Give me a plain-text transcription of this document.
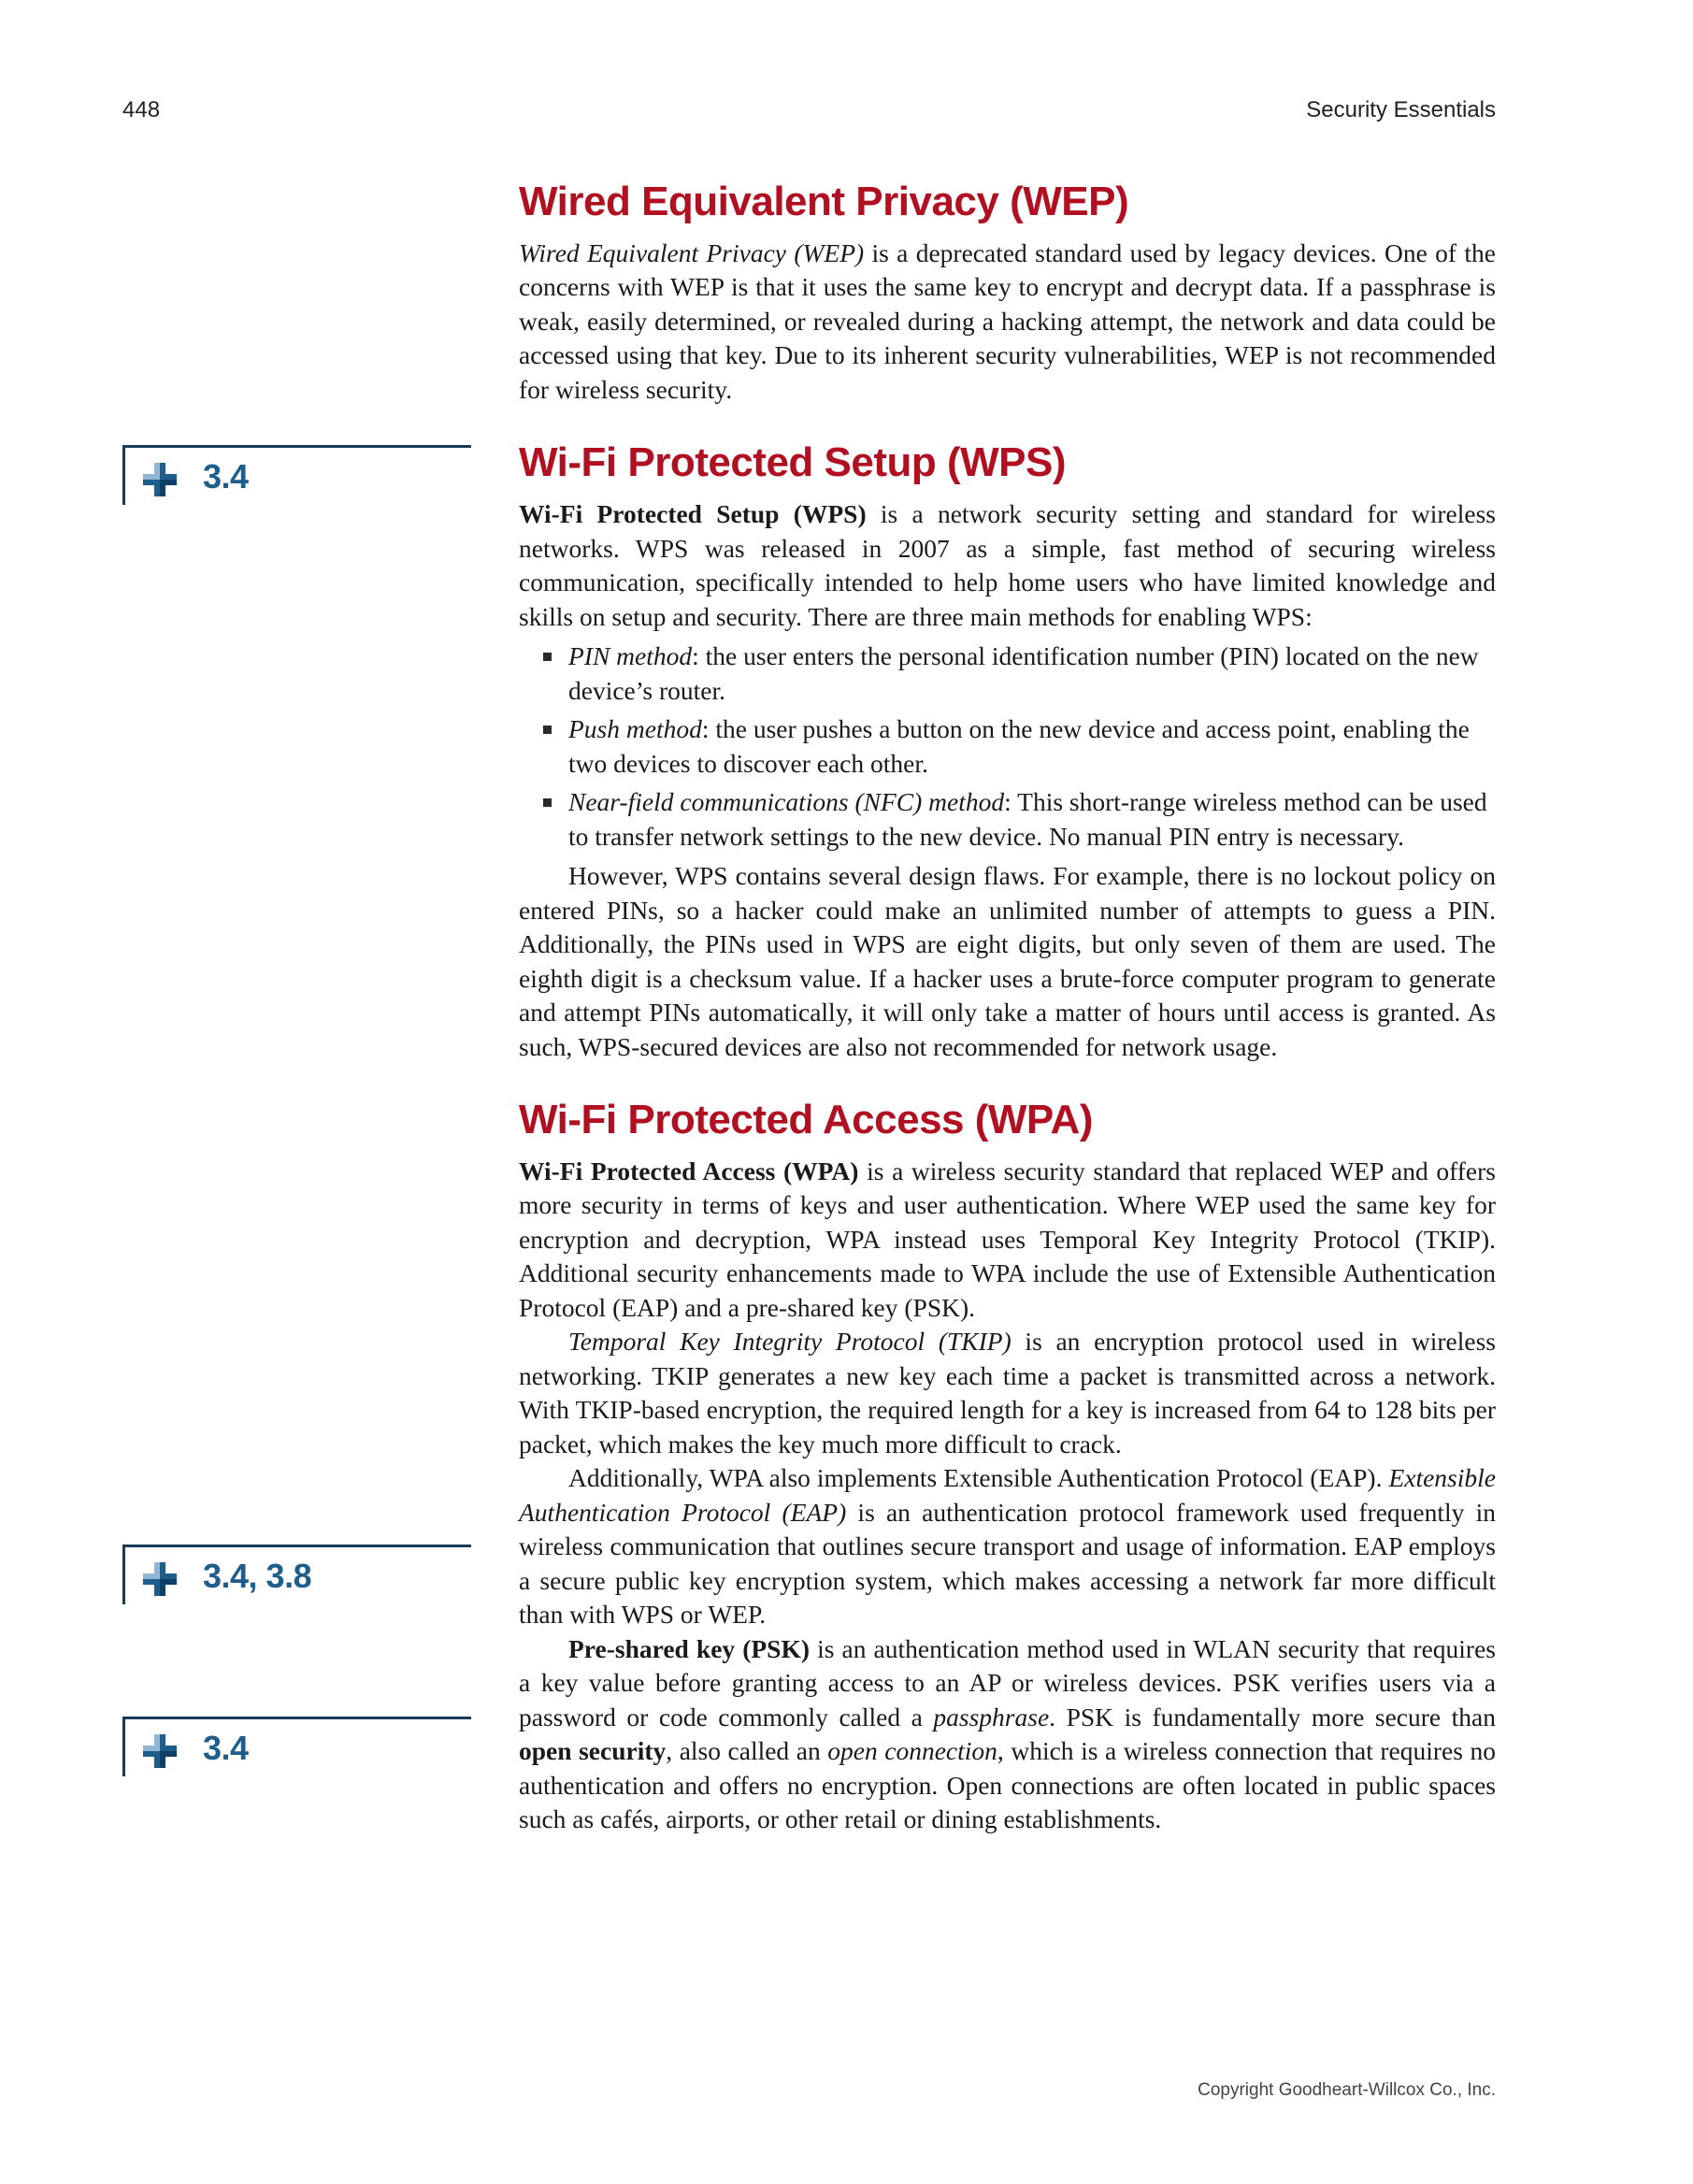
448	Security Essentials
3.4
3.4, 3.8
3.4
Wired Equivalent Privacy (WEP)

Wired Equivalent Privacy (WEP) is a deprecated standard used by legacy devices. One of the concerns with WEP is that it uses the same key to encrypt and decrypt data. If a passphrase is weak, easily determined, or revealed during a hacking attempt, the network and data could be accessed using that key. Due to its inherent security vulnerabilities, WEP is not recommended for wireless security.

Wi-Fi Protected Setup (WPS)

Wi-Fi Protected Setup (WPS) is a network security setting and standard for wireless networks. WPS was released in 2007 as a simple, fast method of securing wireless communication, specifically intended to help home users who have limited knowledge and skills on setup and security. There are three main methods for enabling WPS:

PIN method: the user enters the personal identification number (PIN) located on the new device’s router.
Push method: the user pushes a button on the new device and access point, enabling the two devices to discover each other.
Near-field communications (NFC) method: This short-range wireless method can be used to transfer network settings to the new device. No manual PIN entry is necessary.

However, WPS contains several design flaws. For example, there is no lockout policy on entered PINs, so a hacker could make an unlimited number of attempts to guess a PIN. Additionally, the PINs used in WPS are eight digits, but only seven of them are used. The eighth digit is a checksum value. If a hacker uses a brute-force computer program to generate and attempt PINs automatically, it will only take a matter of hours until access is granted. As such, WPS-secured devices are also not recommended for network usage.

Wi-Fi Protected Access (WPA)

Wi-Fi Protected Access (WPA) is a wireless security standard that replaced WEP and offers more security in terms of keys and user authentication. Where WEP used the same key for encryption and decryption, WPA instead uses Temporal Key Integrity Protocol (TKIP). Additional security enhancements made to WPA include the use of Extensible Authentication Protocol (EAP) and a pre-shared key (PSK).

Temporal Key Integrity Protocol (TKIP) is an encryption protocol used in wireless networking. TKIP generates a new key each time a packet is transmitted across a network. With TKIP-based encryption, the required length for a key is increased from 64 to 128 bits per packet, which makes the key much more difficult to crack.

Additionally, WPA also implements Extensible Authentication Protocol (EAP). Extensible Authentication Protocol (EAP) is an authentication protocol framework used frequently in wireless communication that outlines secure transport and usage of information. EAP employs a secure public key encryption system, which makes accessing a network far more difficult than with WPS or WEP.

Pre-shared key (PSK) is an authentication method used in WLAN security that requires a key value before granting access to an AP or wireless devices. PSK verifies users via a password or code commonly called a passphrase. PSK is fundamentally more secure than open security, also called an open connection, which is a wireless connection that requires no authentication and offers no encryption. Open connections are often located in public spaces such as cafés, airports, or other retail or dining establishments.

Copyright Goodheart-Willcox Co., Inc.
